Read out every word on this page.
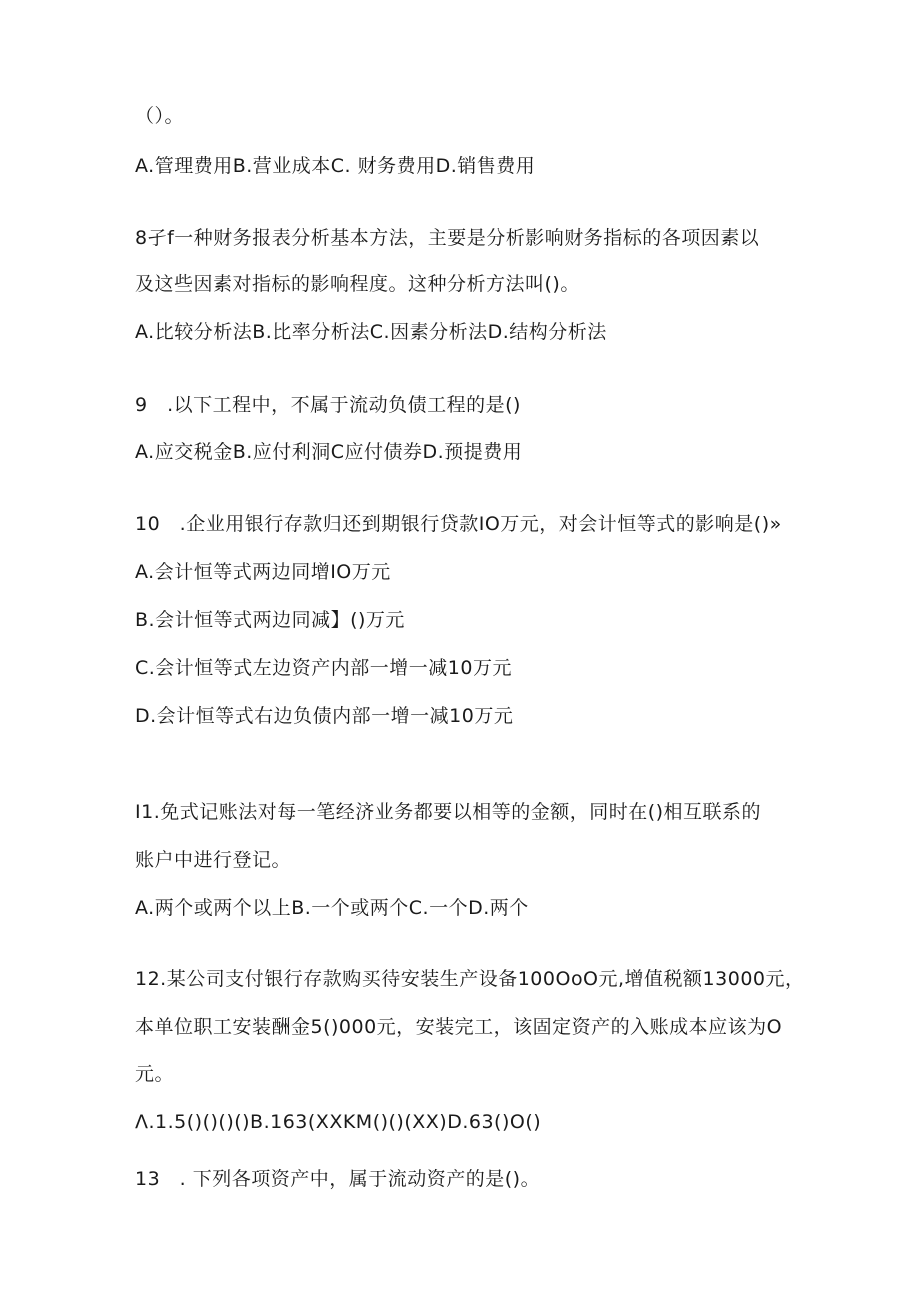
（）。
A.管理费用B.营业成本C. 财务费用D.销售费用
8孑f一种财务报表分析基本方法，主要是分析影响财务指标的各项因素以
及这些因素对指标的影响程度。这种分析方法叫()。
A.比较分析法B.比率分析法C.因素分析法D.结构分析法
9　.以下工程中，不属于流动负债工程的是()
A.应交税金B.应付利洞C应付债券D.预提费用
10　.企业用银行存款归还到期银行贷款IO万元，对会计恒等式的影响是()»
A.会计恒等式两边同增IO万元
B.会计恒等式两边同减】()万元
C.会计恒等式左边资产内部一增一减10万元
D.会计恒等式右边负债内部一增一减10万元
I1.免式记账法对每一笔经济业务都要以相等的金额，同时在()相互联系的
账户中进行登记。
A.两个或两个以上B.一个或两个C.一个D.两个
12.某公司支付银行存款购买待安装生产设备100OoO元,增值税额13000元，
本单位职工安装酬金5()000元，安装完工，该固定资产的入账成本应该为O
元。
Λ.1.5()()()()B.163(XXKM()()(XX)D.63()O()
13　. 下列各项资产中，属于流动资产的是()。
